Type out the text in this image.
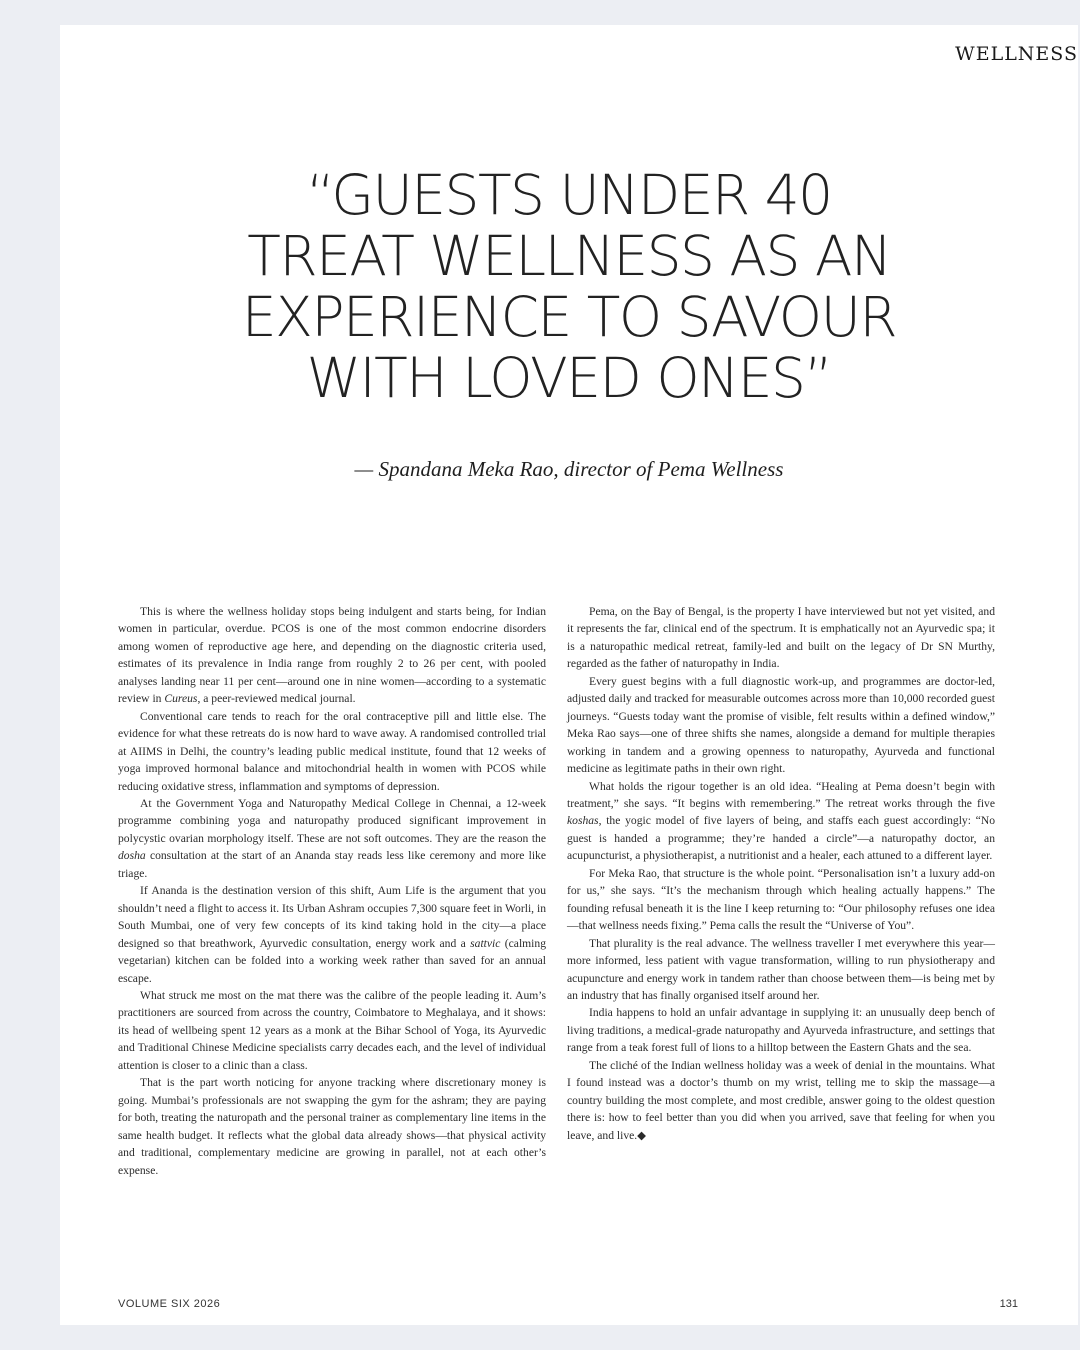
WELLNESS
“GUESTS UNDER 40
TREAT WELLNESS AS AN
EXPERIENCE TO SAVOUR
WITH LOVED ONES”
— Spandana Meka Rao, director of Pema Wellness

This is where the wellness holiday stops being indulgent and starts being, for Indian women in particular, overdue. PCOS is one of the most common endocrine disorders among women of reproductive age here, and depending on the diagnostic criteria used, estimates of its prevalence in India range from roughly 2 to 26 per cent, with pooled analyses landing near 11 per cent—around one in nine women—according to a systematic review in Cureus, a peer-reviewed medical journal.

Conventional care tends to reach for the oral contraceptive pill and little else. The evidence for what these retreats do is now hard to wave away. A randomised controlled trial at AIIMS in Delhi, the country’s leading public medical institute, found that 12 weeks of yoga improved hormonal balance and mitochondrial health in women with PCOS while reducing oxidative stress, inflammation and symptoms of depression.

At the Government Yoga and Naturopathy Medical College in Chennai, a 12-week programme combining yoga and naturopathy produced significant improvement in polycystic ovarian morphology itself. These are not soft outcomes. They are the reason the dosha consultation at the start of an Ananda stay reads less like ceremony and more like triage.

If Ananda is the destination version of this shift, Aum Life is the argument that you shouldn’t need a flight to access it. Its Urban Ashram occupies 7,300 square feet in Worli, in South Mumbai, one of very few concepts of its kind taking hold in the city—a place designed so that breathwork, Ayurvedic consultation, energy work and a sattvic (calming vegetarian) kitchen can be folded into a working week rather than saved for an annual escape.

What struck me most on the mat there was the calibre of the people leading it. Aum’s practitioners are sourced from across the country, Coimbatore to Meghalaya, and it shows: its head of wellbeing spent 12 years as a monk at the Bihar School of Yoga, its Ayurvedic and Traditional Chinese Medicine specialists carry decades each, and the level of individual attention is closer to a clinic than a class.

That is the part worth noticing for anyone tracking where discretionary money is going. Mumbai’s professionals are not swapping the gym for the ashram; they are paying for both, treating the naturopath and the personal trainer as complementary line items in the same health budget. It reflects what the global data already shows—that physical activity and traditional, complementary medicine are growing in parallel, not at each other’s expense.

Pema, on the Bay of Bengal, is the property I have interviewed but not yet visited, and it represents the far, clinical end of the spectrum. It is emphatically not an Ayurvedic spa; it is a naturopathic medical retreat, family-led and built on the legacy of Dr SN Murthy, regarded as the father of naturopathy in India.

Every guest begins with a full diagnostic work-up, and programmes are doctor-led, adjusted daily and tracked for measurable outcomes across more than 10,000 recorded guest journeys. “Guests today want the promise of visible, felt results within a defined window,” Meka Rao says—one of three shifts she names, alongside a demand for multiple therapies working in tandem and a growing openness to naturopathy, Ayurveda and functional medicine as legitimate paths in their own right.

What holds the rigour together is an old idea. “Healing at Pema doesn’t begin with treatment,” she says. “It begins with remembering.” The retreat works through the five koshas, the yogic model of five layers of being, and staffs each guest accordingly: “No guest is handed a programme; they’re handed a circle”—a naturopathy doctor, an acupuncturist, a physiotherapist, a nutritionist and a healer, each attuned to a different layer.

For Meka Rao, that structure is the whole point. “Personalisation isn’t a luxury add-on for us,” she says. “It’s the mechanism through which healing actually happens.” The founding refusal beneath it is the line I keep returning to: “Our philosophy refuses one idea—that wellness needs fixing.” Pema calls the result the “Universe of You”.

That plurality is the real advance. The wellness traveller I met everywhere this year—more informed, less patient with vague transformation, willing to run physiotherapy and acupuncture and energy work in tandem rather than choose between them—is being met by an industry that has finally organised itself around her.

India happens to hold an unfair advantage in supplying it: an unusually deep bench of living traditions, a medical-grade naturopathy and Ayurveda infrastructure, and settings that range from a teak forest full of lions to a hilltop between the Eastern Ghats and the sea.

The cliché of the Indian wellness holiday was a week of denial in the mountains. What I found instead was a doctor’s thumb on my wrist, telling me to skip the massage—a country building the most complete, and most credible, answer going to the oldest question there is: how to feel better than you did when you arrived, save that feeling for when you leave, and live.◆

VOLUME SIX 2026	131
